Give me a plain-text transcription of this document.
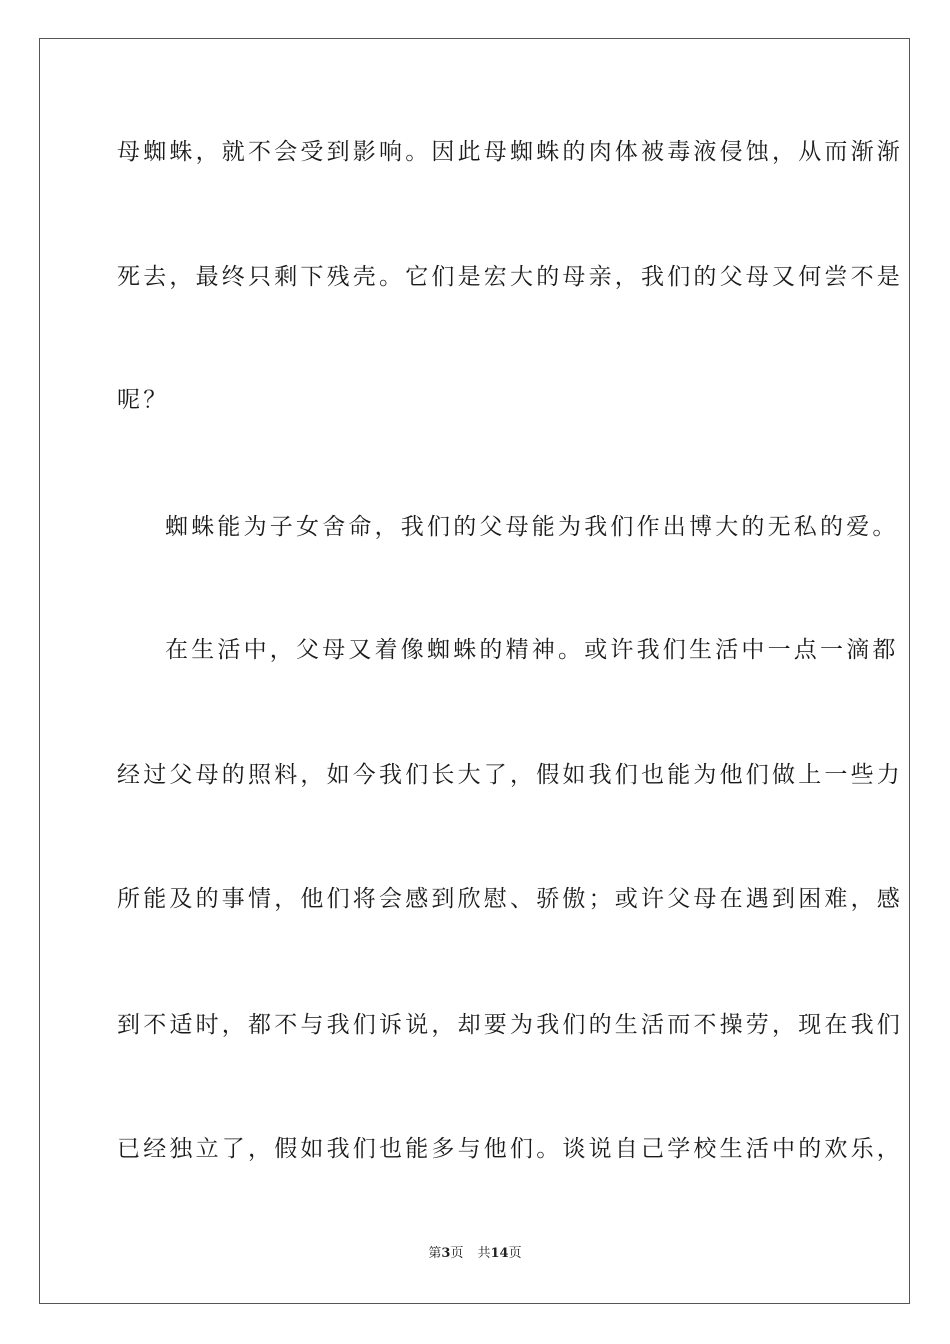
母蜘蛛，就不会受到影响。因此母蜘蛛的肉体被毒液侵蚀，从而渐渐
死去，最终只剩下残壳。它们是宏大的母亲，我们的父母又何尝不是
呢？
蜘蛛能为子女舍命，我们的父母能为我们作出博大的无私的爱。
在生活中，父母又着像蜘蛛的精神。或许我们生活中一点一滴都
经过父母的照料，如今我们长大了，假如我们也能为他们做上一些力
所能及的事情，他们将会感到欣慰、骄傲；或许父母在遇到困难，感
到不适时，都不与我们诉说，却要为我们的生活而不操劳，现在我们
已经独立了，假如我们也能多与他们。谈说自己学校生活中的欢乐，
第3页 共14页
